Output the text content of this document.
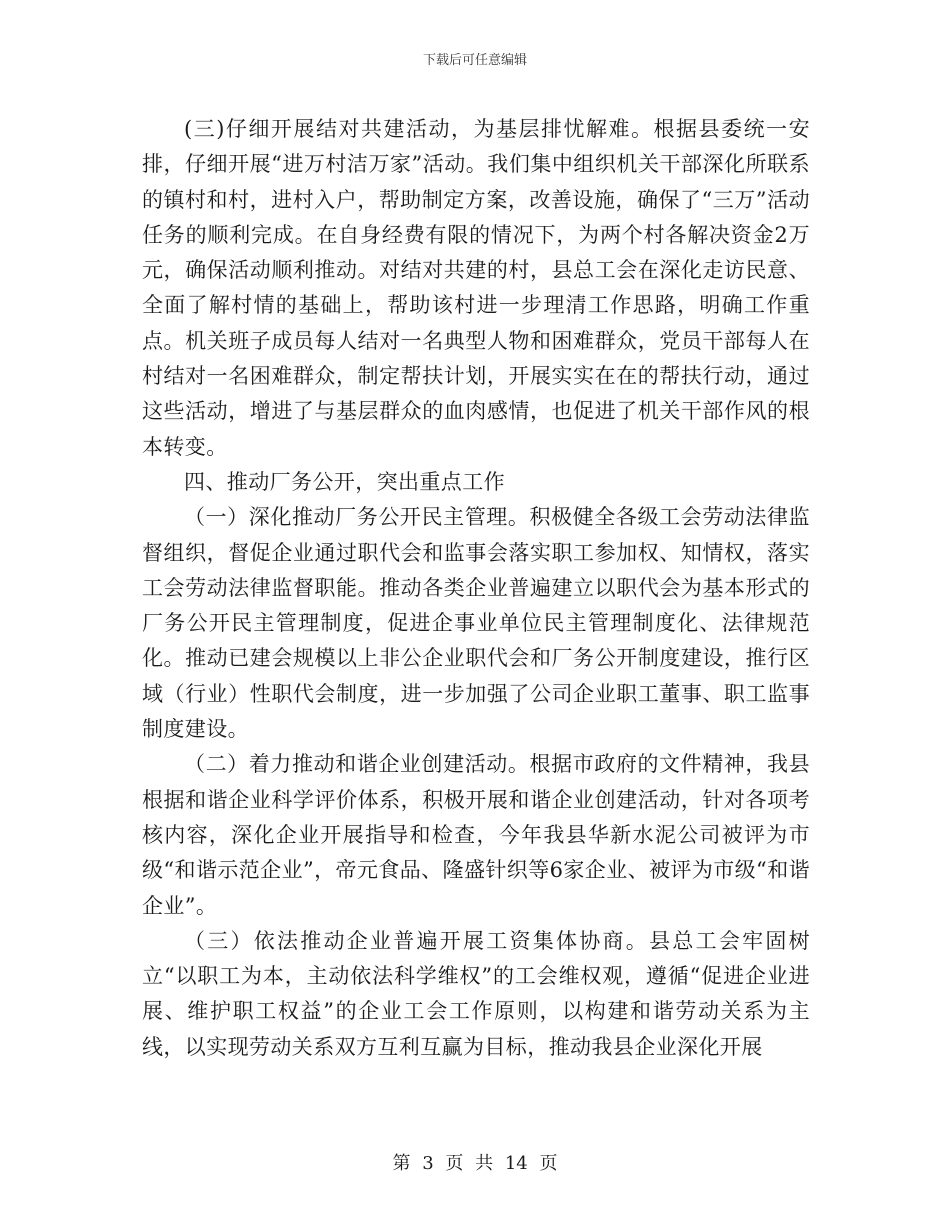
下载后可任意编辑

(三)仔细开展结对共建活动，为基层排忧解难。根据县委统一安排，仔细开展“进万村洁万家”活动。我们集中组织机关干部深化所联系的镇村和村，进村入户，帮助制定方案，改善设施，确保了“三万”活动任务的顺利完成。在自身经费有限的情况下，为两个村各解决资金2万元，确保活动顺利推动。对结对共建的村，县总工会在深化走访民意、全面了解村情的基础上，帮助该村进一步理清工作思路，明确工作重点。机关班子成员每人结对一名典型人物和困难群众，党员干部每人在村结对一名困难群众，制定帮扶计划，开展实实在在的帮扶行动，通过这些活动，增进了与基层群众的血肉感情，也促进了机关干部作风的根本转变。

四、推动厂务公开，突出重点工作

（一）深化推动厂务公开民主管理。积极健全各级工会劳动法律监督组织，督促企业通过职代会和监事会落实职工参加权、知情权，落实工会劳动法律监督职能。推动各类企业普遍建立以职代会为基本形式的厂务公开民主管理制度，促进企事业单位民主管理制度化、法律规范化。推动已建会规模以上非公企业职代会和厂务公开制度建设，推行区域（行业）性职代会制度，进一步加强了公司企业职工董事、职工监事制度建设。

（二）着力推动和谐企业创建活动。根据市政府的文件精神，我县根据和谐企业科学评价体系，积极开展和谐企业创建活动，针对各项考核内容，深化企业开展指导和检查，今年我县华新水泥公司被评为市级“和谐示范企业”，帝元食品、隆盛针织等6家企业、被评为市级“和谐企业”。

（三）依法推动企业普遍开展工资集体协商。县总工会牢固树立“以职工为本，主动依法科学维权”的工会维权观，遵循“促进企业进展、维护职工权益”的企业工会工作原则，以构建和谐劳动关系为主线，以实现劳动关系双方互利互赢为目标，推动我县企业深化开展

第 3 页 共 14 页
